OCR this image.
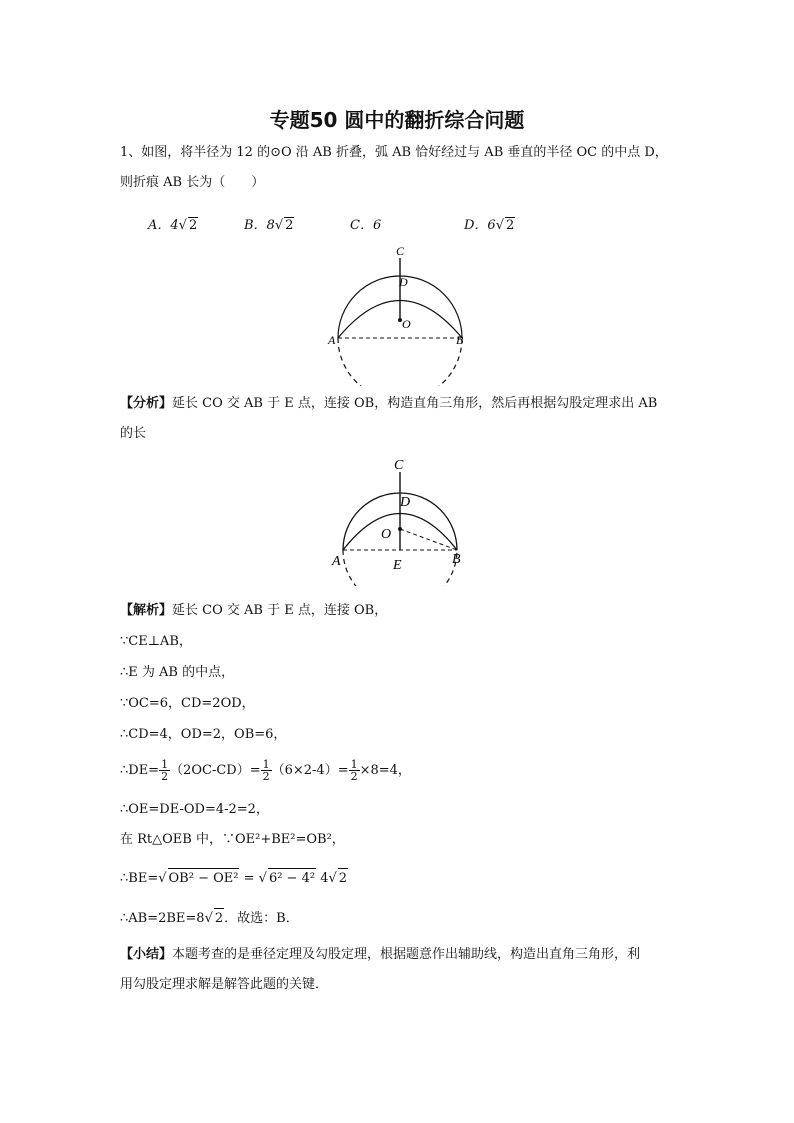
专题50 圆中的翻折综合问题
1、如图，将半径为 12 的⊙O 沿 AB 折叠，弧 AB 恰好经过与 AB 垂直的半径 OC 的中点 D，
则折痕 AB 长为（　　）
A．4 √ 2	B．8 √ 2	C．6	D．6 √ 2
C
D
O
A	B
【分析】延长 CO 交 AB 于 E 点，连接 OB，构造直角三角形，然后再根据勾股定理求出 AB
的长
C
D
O
A	E	B
【解析】延长 CO 交 AB 于 E 点，连接 OB，
∵CE⊥AB，
∴E 为 AB 的中点，
∵OC=6，CD=2OD，
∴CD=4，OD=2，OB=6，
∴DE= $\frac{1}{2} (2OC-CD)= \frac{1}{2} (6\times 2-4)= \frac{1}{2} \times 8=4$，
∴OE=DE-OD=4-2=2，
在 Rt△OEB 中，∵OE²+BE²=OB²，
∴BE= √ OB² − OE² = √ 6² − 4² 4 √ 2
∴AB=2BE=8 √ 2．故选：B．
【小结】本题考查的是垂径定理及勾股定理，根据题意作出辅助线，构造出直角三角形，利
用勾股定理求解是解答此题的关键．
